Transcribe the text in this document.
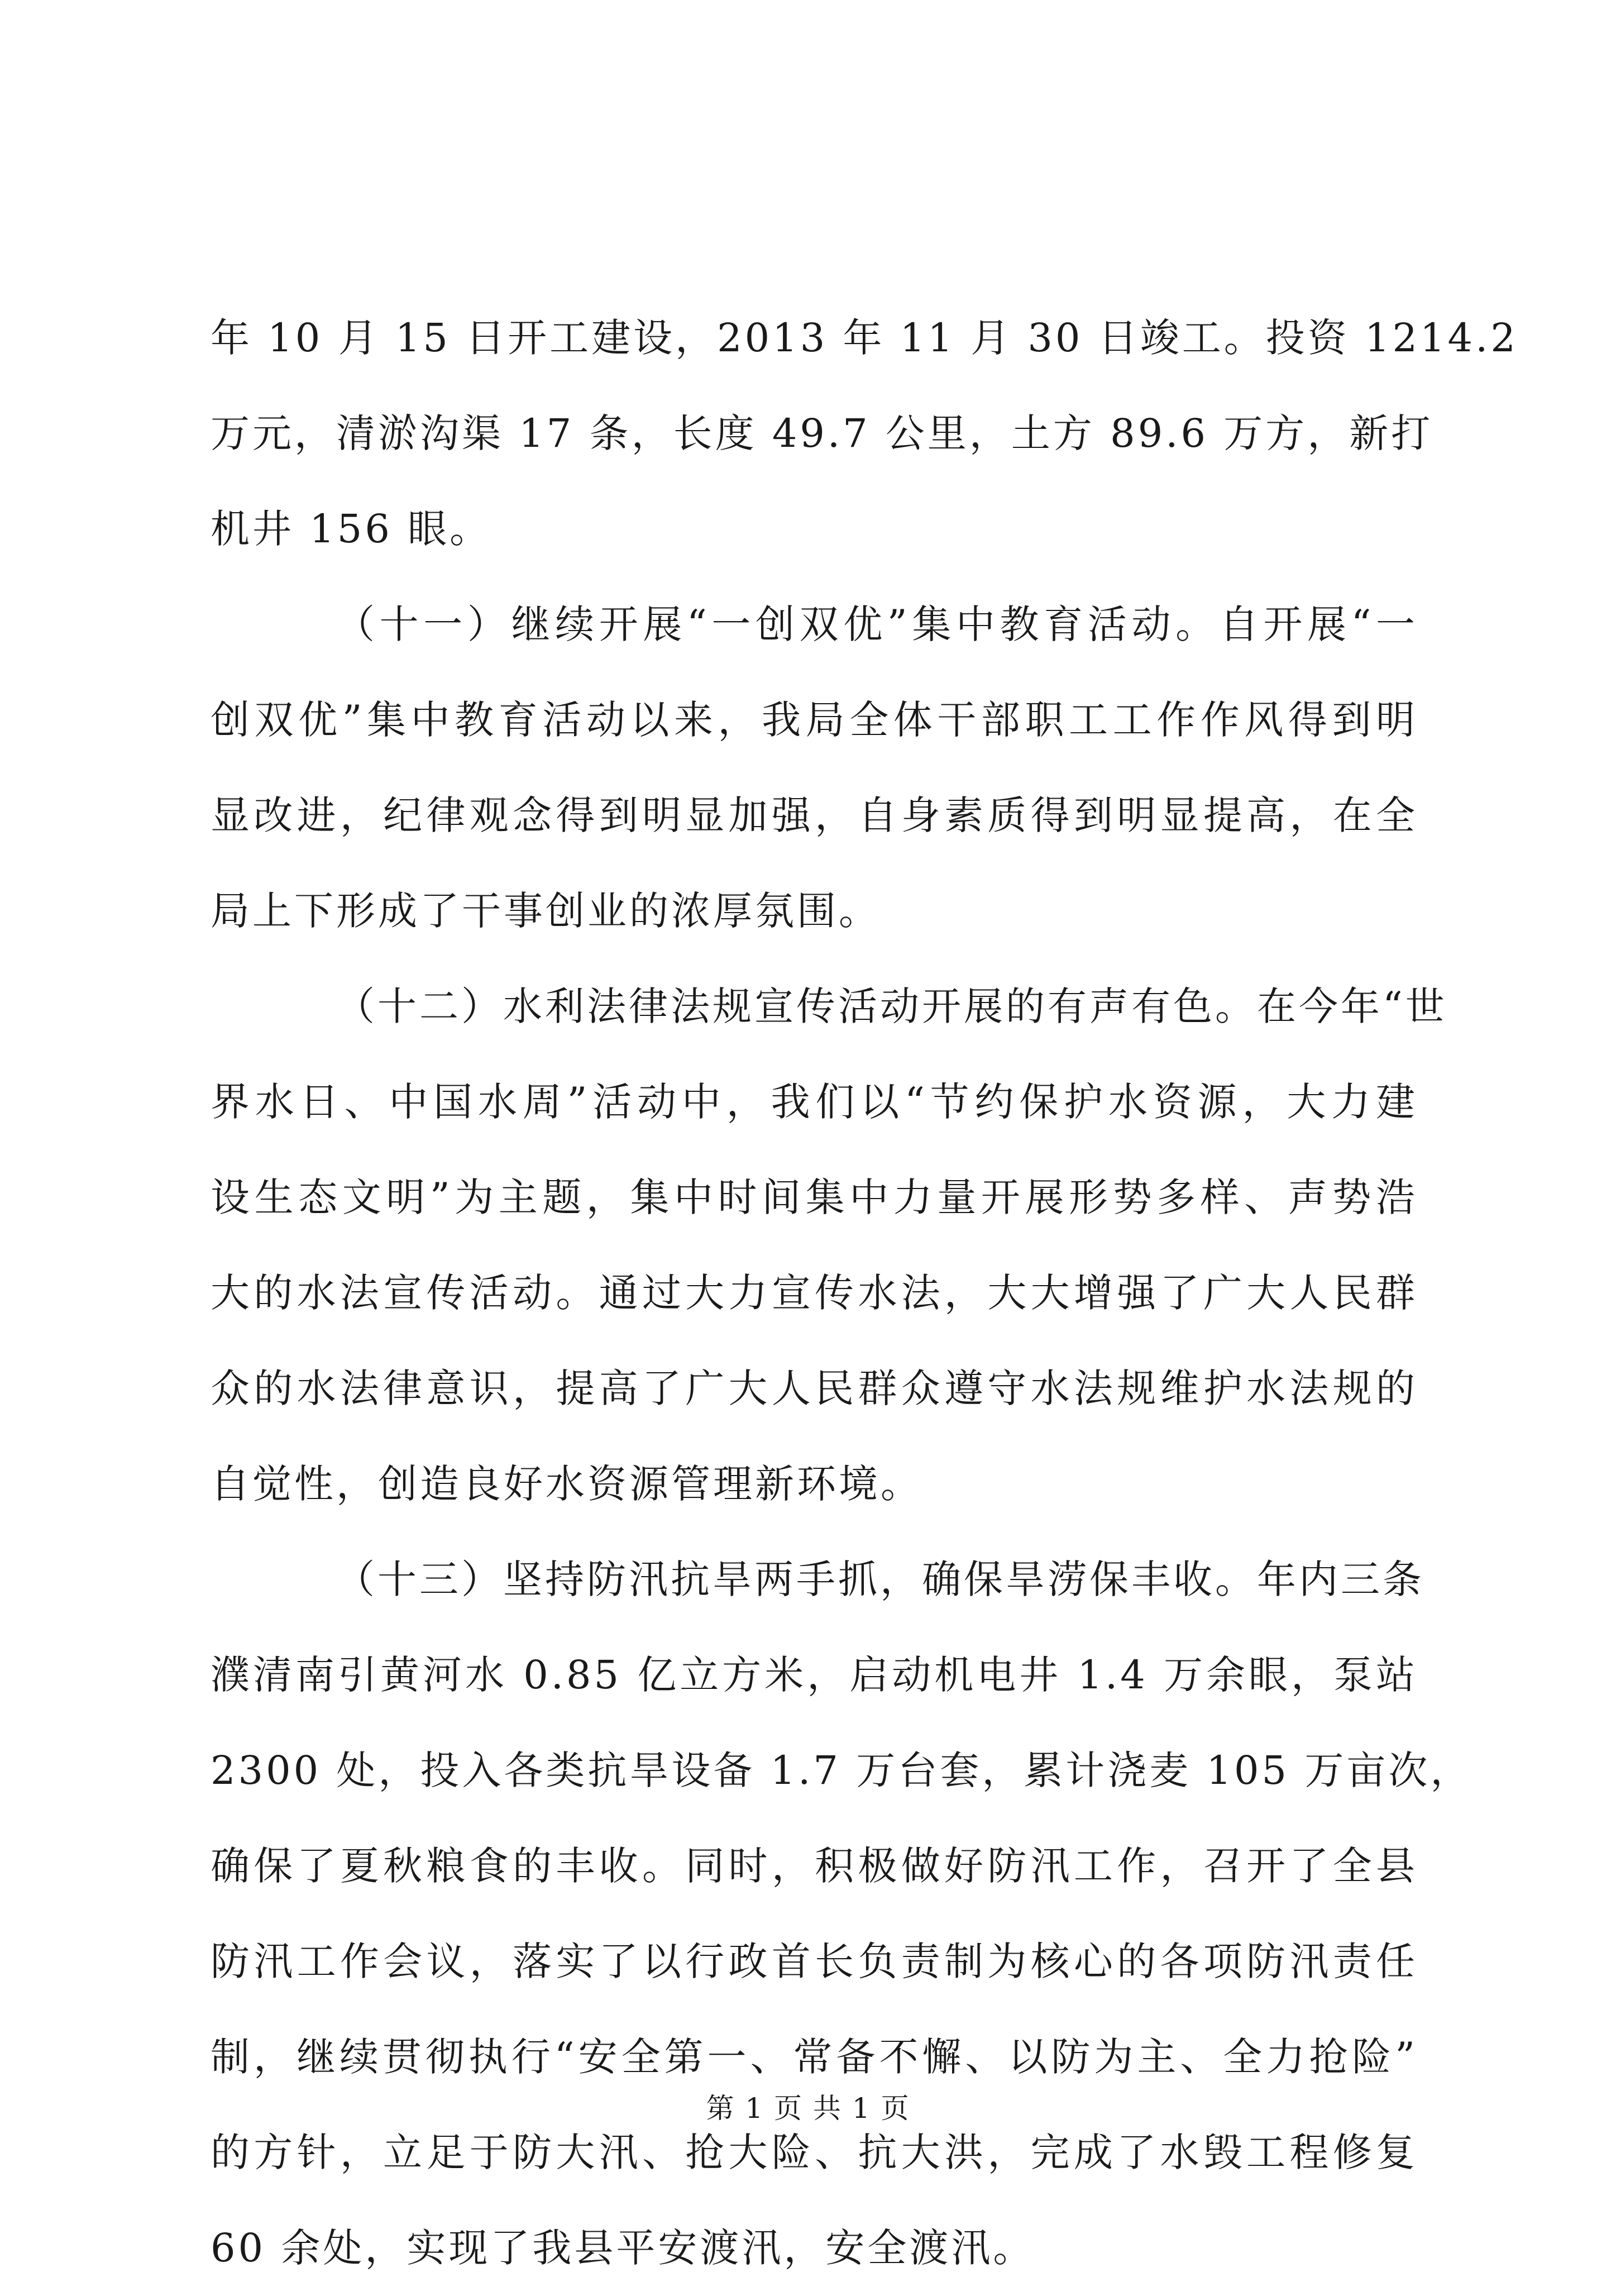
年 10 月 15 日开工建设，2013 年 11 月 30 日竣工。投资 1214.2
万元，清淤沟渠 17 条，长度 49.7 公里，土方 89.6 万方，新打
机井 156 眼。
（十一）继续开展“一创双优”集中教育活动。自开展“一
创双优”集中教育活动以来，我局全体干部职工工作作风得到明
显改进，纪律观念得到明显加强，自身素质得到明显提高，在全
局上下形成了干事创业的浓厚氛围。
（十二）水利法律法规宣传活动开展的有声有色。在今年“世
界水日、中国水周”活动中，我们以“节约保护水资源，大力建
设生态文明”为主题，集中时间集中力量开展形势多样、声势浩
大的水法宣传活动。通过大力宣传水法，大大增强了广大人民群
众的水法律意识，提高了广大人民群众遵守水法规维护水法规的
自觉性，创造良好水资源管理新环境。
（十三）坚持防汛抗旱两手抓，确保旱涝保丰收。年内三条
濮清南引黄河水 0.85 亿立方米，启动机电井 1.4 万余眼，泵站
2300 处，投入各类抗旱设备 1.7 万台套，累计浇麦 105 万亩次，
确保了夏秋粮食的丰收。同时，积极做好防汛工作，召开了全县
防汛工作会议，落实了以行政首长负责制为核心的各项防汛责任
制，继续贯彻执行“安全第一、常备不懈、以防为主、全力抢险”
的方针，立足于防大汛、抢大险、抗大洪，完成了水毁工程修复
60 余处，实现了我县平安渡汛，安全渡汛。
第 1 页 共 1 页
